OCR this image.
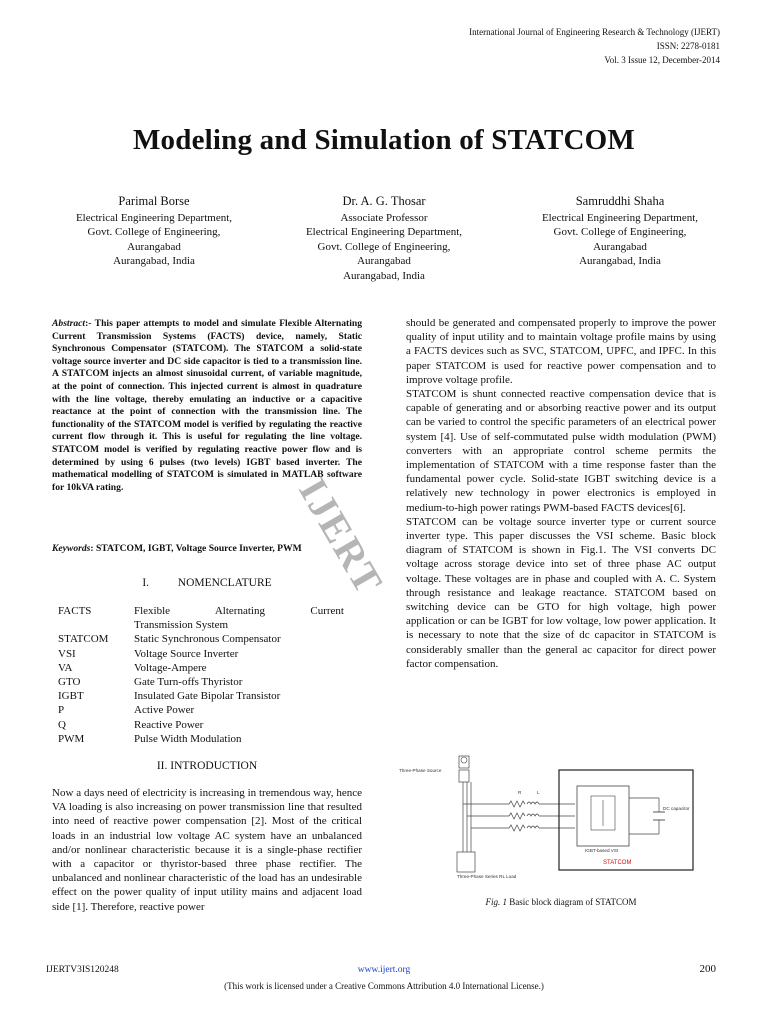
International Journal of Engineering Research & Technology (IJERT)
ISSN: 2278-0181
Vol. 3 Issue 12, December-2014
Modeling and Simulation of STATCOM
Parimal Borse
Electrical Engineering Department,
Govt. College of Engineering,
Aurangabad
Aurangabad, India
Dr. A. G. Thosar
Associate Professor
Electrical Engineering Department,
Govt. College of Engineering,
Aurangabad
Aurangabad, India
Samruddhi Shaha
Electrical Engineering Department,
Govt. College of Engineering,
Aurangabad
Aurangabad, India
Abstract:- This paper attempts to model and simulate Flexible Alternating Current Transmission Systems (FACTS) device, namely, Static Synchronous Compensator (STATCOM). The STATCOM a solid-state voltage source inverter and DC side capacitor is tied to a transmission line. A STATCOM injects an almost sinusoidal current, of variable magnitude, at the point of connection. This injected current is almost in quadrature with the line voltage, thereby emulating an inductive or a capacitive reactance at the point of connection with the transmission line. The functionality of the STATCOM model is verified by regulating the reactive current flow through it. This is useful for regulating the line voltage. STATCOM model is verified by regulating reactive power flow and is determined by using 6 pulses (two levels) IGBT based inverter. The mathematical modelling of STATCOM is simulated in MATLAB software for 10kVA rating.
Keywords: STATCOM, IGBT, Voltage Source Inverter, PWM
I.          NOMENCLATURE
FACTS	Flexible          Alternating          Current Transmission System
STATCOM	Static Synchronous Compensator
VSI	Voltage Source Inverter
VA	Voltage-Ampere
GTO	Gate Turn-offs Thyristor
IGBT	Insulated Gate Bipolar Transistor
P	Active Power
Q	Reactive Power
PWM	Pulse Width Modulation
II. INTRODUCTION
Now a days need of electricity is increasing in tremendous way, hence VA loading is also increasing on power transmission line that resulted into need of reactive power compensation [2]. Most of the critical loads in an industrial low voltage AC system have an unbalanced and/or nonlinear characteristic because it is a single-phase rectifier with a capacitor or thyristor-based three phase rectifier. The unbalanced and nonlinear characteristic of the load has an undesirable effect on the power quality of input utility mains and adjacent load side [1]. Therefore, reactive power
should be generated and compensated properly to improve the power quality of input utility and to maintain voltage profile mains by using a FACTS devices such as SVC, STATCOM, UPFC, and IPFC. In this paper STATCOM is used for reactive power compensation and to improve voltage profile.
STATCOM is shunt connected reactive compensation device that is capable of generating and or absorbing reactive power and its output can be varied to control the specific parameters of an electrical power system [4]. Use of self-commutated pulse width modulation (PWM) converters with an appropriate control scheme permits the implementation of STATCOM with a time response faster than the fundamental power cycle. Solid-state IGBT switching device is a relatively new technology in power electronics is employed in medium-to-high power ratings PWM-based FACTS devices[6].
STATCOM can be voltage source inverter type or current source inverter type. This paper discusses the VSI scheme. Basic block diagram of STATCOM is shown in Fig.1. The VSI converts DC voltage across storage device into set of three phase AC output voltage. These voltages are in phase and coupled with A. C. System through resistance and leakage reactance. STATCOM based on switching device can be GTO for high voltage, high power application or can be IGBT for low voltage, low power application. It is necessary to note that the size of dc capacitor in STATCOM is considerably smaller than the general ac capacitor for direct power factor compensation.
IJERT
Three-Phase Source
R	L
Three-Phase Series RL Load
IGBT-based VSI
DC capacitor
STATCOM
Fig. 1 Basic block diagram of STATCOM
IJERTV3IS120248	www.ijert.org	200
(This work is licensed under a Creative Commons Attribution 4.0 International License.)
